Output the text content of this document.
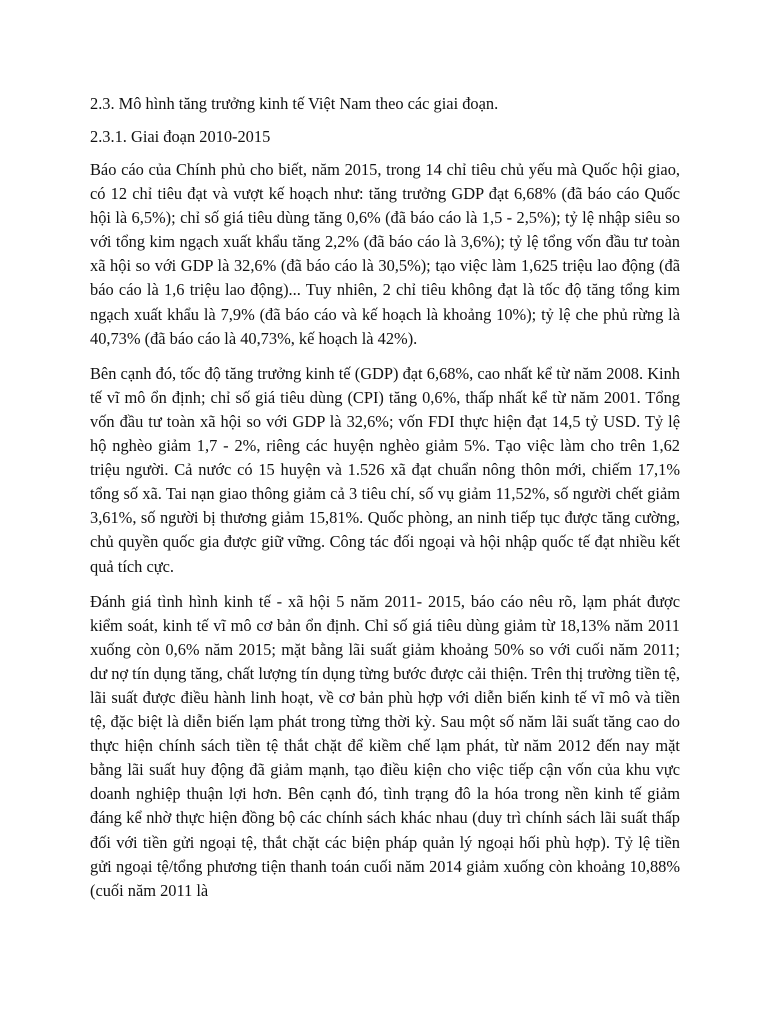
2.3. Mô hình tăng trưởng kinh tế Việt Nam theo các giai đoạn.

2.3.1. Giai đoạn 2010-2015

Báo cáo của Chính phủ cho biết, năm 2015, trong 14 chỉ tiêu chủ yếu mà Quốc hội giao, có 12 chỉ tiêu đạt và vượt kế hoạch như: tăng trưởng GDP đạt 6,68% (đã báo cáo Quốc hội là 6,5%); chỉ số giá tiêu dùng tăng 0,6% (đã báo cáo là 1,5 - 2,5%); tỷ lệ nhập siêu so với tổng kim ngạch xuất khẩu tăng 2,2% (đã báo cáo là 3,6%); tỷ lệ tổng vốn đầu tư toàn xã hội so với GDP là 32,6% (đã báo cáo là 30,5%); tạo việc làm 1,625 triệu lao động (đã báo cáo là 1,6 triệu lao động)... Tuy nhiên, 2 chỉ tiêu không đạt là tốc độ tăng tổng kim ngạch xuất khẩu là 7,9% (đã báo cáo và kế hoạch là khoảng 10%); tỷ lệ che phủ rừng là 40,73% (đã báo cáo là 40,73%, kế hoạch là 42%).

Bên cạnh đó, tốc độ tăng trưởng kinh tế (GDP) đạt 6,68%, cao nhất kể từ năm 2008. Kinh tế vĩ mô ổn định; chỉ số giá tiêu dùng (CPI) tăng 0,6%, thấp nhất kể từ năm 2001. Tổng vốn đầu tư toàn xã hội so với GDP là 32,6%; vốn FDI thực hiện đạt 14,5 tỷ USD. Tỷ lệ hộ nghèo giảm 1,7 - 2%, riêng các huyện nghèo giảm 5%. Tạo việc làm cho trên 1,62 triệu người. Cả nước có 15 huyện và 1.526 xã đạt chuẩn nông thôn mới, chiếm 17,1% tổng số xã. Tai nạn giao thông giảm cả 3 tiêu chí, số vụ giảm 11,52%, số người chết giảm 3,61%, số người bị thương giảm 15,81%. Quốc phòng, an ninh tiếp tục được tăng cường, chủ quyền quốc gia được giữ vững. Công tác đối ngoại và hội nhập quốc tế đạt nhiều kết quả tích cực.

Đánh giá tình hình kinh tế - xã hội 5 năm 2011- 2015, báo cáo nêu rõ, lạm phát được kiểm soát, kinh tế vĩ mô cơ bản ổn định. Chỉ số giá tiêu dùng giảm từ 18,13% năm 2011 xuống còn 0,6% năm 2015; mặt bằng lãi suất giảm khoảng 50% so với cuối năm 2011; dư nợ tín dụng tăng, chất lượng tín dụng từng bước được cải thiện. Trên thị trường tiền tệ, lãi suất được điều hành linh hoạt, về cơ bản phù hợp với diễn biến kinh tế vĩ mô và tiền tệ, đặc biệt là diễn biến lạm phát trong từng thời kỳ. Sau một số năm lãi suất tăng cao do thực hiện chính sách tiền tệ thắt chặt để kiềm chế lạm phát, từ năm 2012 đến nay mặt bằng lãi suất huy động đã giảm mạnh, tạo điều kiện cho việc tiếp cận vốn của khu vực doanh nghiệp thuận lợi hơn. Bên cạnh đó, tình trạng đô la hóa trong nền kinh tế giảm đáng kể nhờ thực hiện đồng bộ các chính sách khác nhau (duy trì chính sách lãi suất thấp đối với tiền gửi ngoại tệ, thắt chặt các biện pháp quản lý ngoại hối phù hợp). Tỷ lệ tiền gửi ngoại tệ/tổng phương tiện thanh toán cuối năm 2014 giảm xuống còn khoảng 10,88% (cuối năm 2011 là
